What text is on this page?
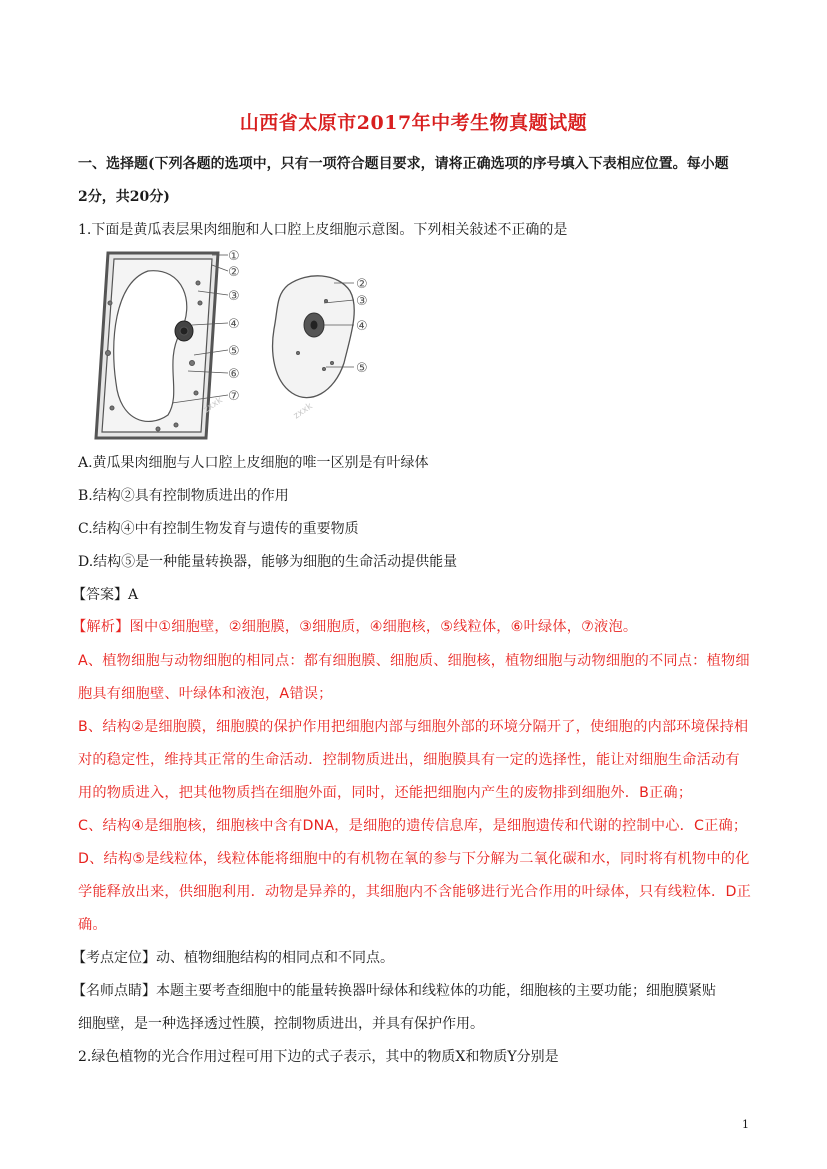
山西省太原市2017年中考生物真题试题
一、选择题(下列各题的选项中，只有一项符合题目要求，请将正确选项的序号填入下表相应位置。每小题
2分，共20分)
1.下面是黄瓜表层果肉细胞和人口腔上皮细胞示意图。下列相关敍述不正确的是
①
②
③
④
⑤
⑥
⑦
②
③
④
⑤
zxxk	zxxk
A.黄瓜果肉细胞与人口腔上皮细胞的唯一区别是有叶绿体
B.结构②具有控制物质进出的作用
C.结构④中有控制生物发育与遗传的重要物质
D.结构⑤是一种能量转换器，能够为细胞的生命活动提供能量
【答案】A
【解析】图中①细胞壁，②细胞膜，③细胞质，④细胞核，⑤线粒体，⑥叶绿体，⑦液泡。
A、植物细胞与动物细胞的相同点：都有细胞膜、细胞质、细胞核，植物细胞与动物细胞的不同点：植物细
胞具有细胞壁、叶绿体和液泡，A错误；
B、结构②是细胞膜，细胞膜的保护作用把细胞内部与细胞外部的环境分隔开了，使细胞的内部环境保持相
对的稳定性，维持其正常的生命活动．控制物质进出，细胞膜具有一定的选择性，能让对细胞生命活动有
用的物质进入，把其他物质挡在细胞外面，同时，还能把细胞内产生的废物排到细胞外．B正确；
C、结构④是细胞核，细胞核中含有DNA，是细胞的遗传信息库，是细胞遗传和代谢的控制中心．C正确；
D、结构⑤是线粒体，线粒体能将细胞中的有机物在氧的参与下分解为二氧化碳和水，同时将有机物中的化
学能释放出来，供细胞利用．动物是异养的，其细胞内不含能够进行光合作用的叶绿体，只有线粒体．D正
确。
【考点定位】动、植物细胞结构的相同点和不同点。
【名师点睛】本题主要考查细胞中的能量转换器叶绿体和线粒体的功能，细胞核的主要功能；细胞膜紧贴
细胞壁，是一种选择透过性膜，控制物质进出，并具有保护作用。
2.绿色植物的光合作用过程可用下边的式子表示，其中的物质X和物质Y分别是
1
